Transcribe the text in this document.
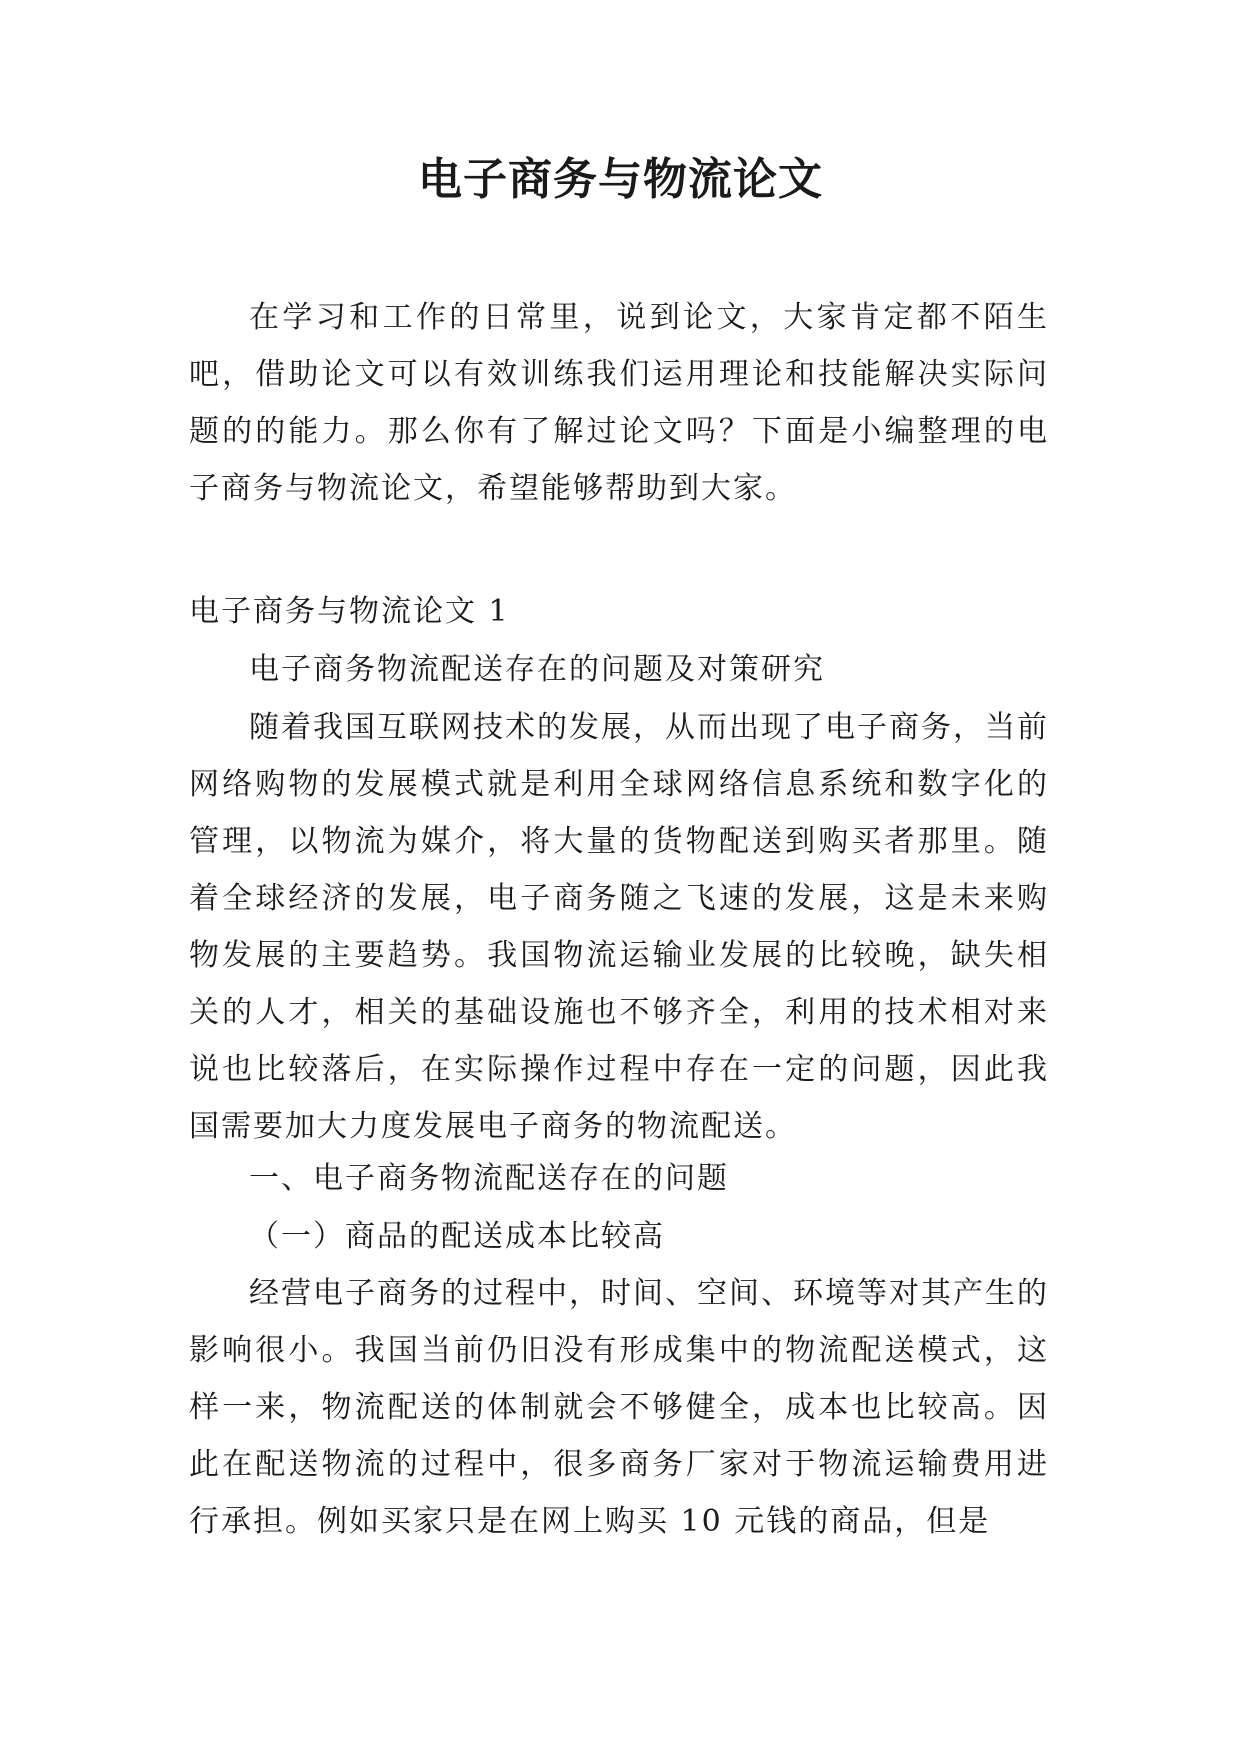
电子商务与物流论文
在学习和工作的日常里，说到论文，大家肯定都不陌生吧，借助论文可以有效训练我们运用理论和技能解决实际问题的的能力。那么你有了解过论文吗？下面是小编整理的电子商务与物流论文，希望能够帮助到大家。
电子商务与物流论文 1
电子商务物流配送存在的问题及对策研究
随着我国互联网技术的发展，从而出现了电子商务，当前网络购物的发展模式就是利用全球网络信息系统和数字化的管理，以物流为媒介，将大量的货物配送到购买者那里。随着全球经济的发展，电子商务随之飞速的发展，这是未来购物发展的主要趋势。我国物流运输业发展的比较晚，缺失相关的人才，相关的基础设施也不够齐全，利用的技术相对来说也比较落后，在实际操作过程中存在一定的问题，因此我国需要加大力度发展电子商务的物流配送。
一、电子商务物流配送存在的问题
（一）商品的配送成本比较高
经营电子商务的过程中，时间、空间、环境等对其产生的影响很小。我国当前仍旧没有形成集中的物流配送模式，这样一来，物流配送的体制就会不够健全，成本也比较高。因此在配送物流的过程中，很多商务厂家对于物流运输费用进行承担。例如买家只是在网上购买 10 元钱的商品，但是
